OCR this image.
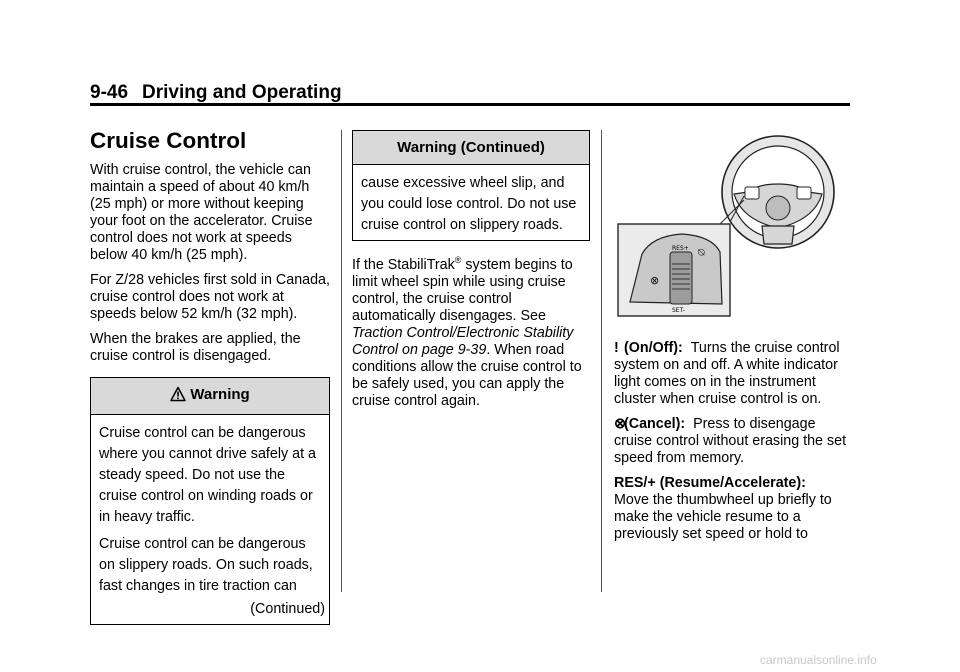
9-46 Driving and Operating
Cruise Control

With cruise control, the vehicle can maintain a speed of about 40 km/h (25 mph) or more without keeping your foot on the accelerator. Cruise control does not work at speeds below 40 km/h (25 mph).

For Z/28 vehicles first sold in Canada, cruise control does not work at speeds below 52 km/h (32 mph).

When the brakes are applied, the cruise control is disengaged.

Warning

Cruise control can be dangerous where you cannot drive safely at a steady speed. Do not use the cruise control on winding roads or in heavy traffic.

Cruise control can be dangerous on slippery roads. On such roads, fast changes in tire traction can

(Continued)
Warning (Continued)
cause excessive wheel slip, and you could lose control. Do not use cruise control on slippery roads.

If the StabiliTrak® system begins to limit wheel spin while using cruise control, the cruise control automatically disengages. See Traction Control/Electronic Stability Control on page 9-39. When road conditions allow the cruise control to be safely used, you can apply the cruise control again.

⊗
RES+
SET-
⍉

ǃ (On/Off): Turns the cruise control system on and off. A white indicator light comes on in the instrument cluster when cruise control is on.

⊗(Cancel): Press to disengage cruise control without erasing the set speed from memory.

RES/+ (Resume/Accelerate):
Move the thumbwheel up briefly to make the vehicle resume to a previously set speed or hold to

carmanualsonline.info
